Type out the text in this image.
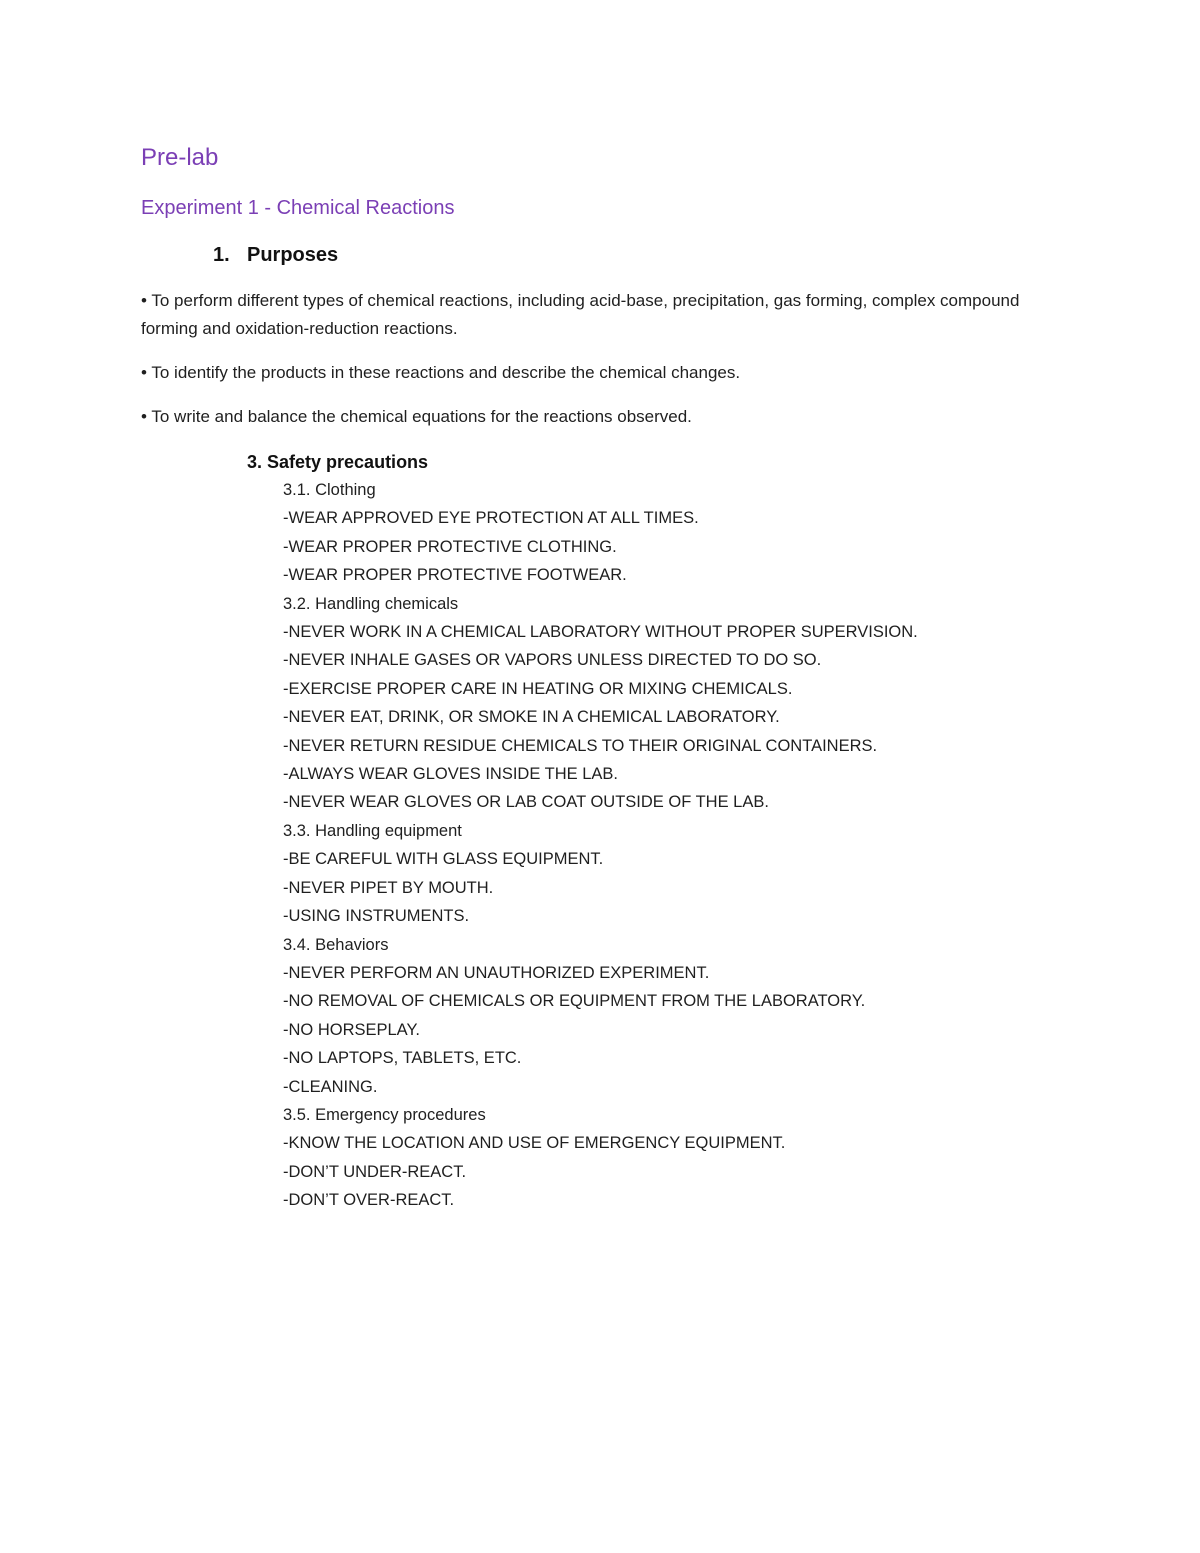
Pre-lab
Experiment 1 - Chemical Reactions
1. Purposes
• To perform different types of chemical reactions, including acid-base, precipitation, gas forming, complex compound forming and oxidation-reduction reactions.
• To identify the products in these reactions and describe the chemical changes.
• To write and balance the chemical equations for the reactions observed.
3. Safety precautions
3.1. Clothing
-WEAR APPROVED EYE PROTECTION AT ALL TIMES.
-WEAR PROPER PROTECTIVE CLOTHING.
-WEAR PROPER PROTECTIVE FOOTWEAR.
3.2. Handling chemicals
-NEVER WORK IN A CHEMICAL LABORATORY WITHOUT PROPER SUPERVISION.
-NEVER INHALE GASES OR VAPORS UNLESS DIRECTED TO DO SO.
-EXERCISE PROPER CARE IN HEATING OR MIXING CHEMICALS.
-NEVER EAT, DRINK, OR SMOKE IN A CHEMICAL LABORATORY.
-NEVER RETURN RESIDUE CHEMICALS TO THEIR ORIGINAL CONTAINERS.
-ALWAYS WEAR GLOVES INSIDE THE LAB.
-NEVER WEAR GLOVES OR LAB COAT OUTSIDE OF THE LAB.
3.3. Handling equipment
-BE CAREFUL WITH GLASS EQUIPMENT.
-NEVER PIPET BY MOUTH.
-USING INSTRUMENTS.
3.4. Behaviors
-NEVER PERFORM AN UNAUTHORIZED EXPERIMENT.
-NO REMOVAL OF CHEMICALS OR EQUIPMENT FROM THE LABORATORY.
-NO HORSEPLAY.
-NO LAPTOPS, TABLETS, ETC.
-CLEANING.
3.5. Emergency procedures
-KNOW THE LOCATION AND USE OF EMERGENCY EQUIPMENT.
-DON’T UNDER-REACT.
-DON’T OVER-REACT.
